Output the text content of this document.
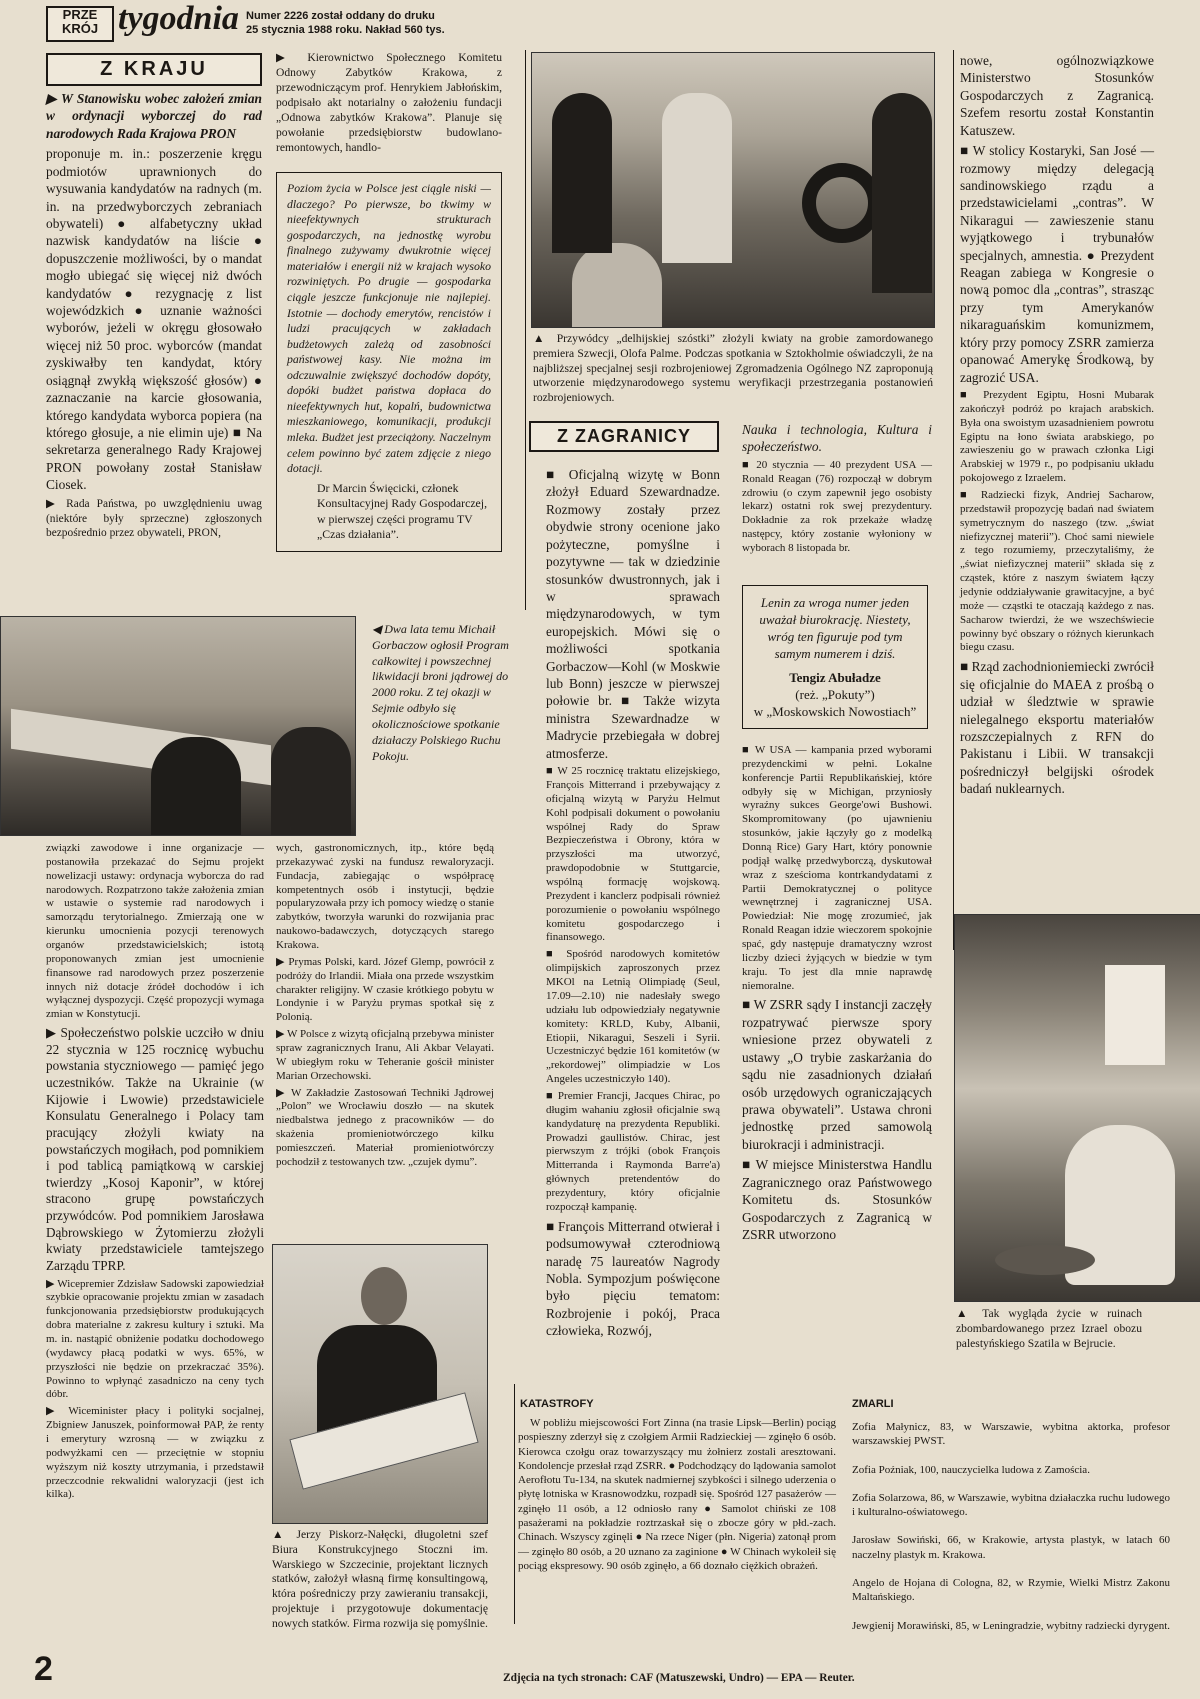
PRZE
KRÓJ tygodnia Numer 2226 został oddany do druku
25 stycznia 1988 roku. Nakład 560 tys.
Z KRAJU

▶ W Stanowisku wobec założeń zmian w ordynacji wyborczej do rad narodowych Rada Krajowa PRON

proponuje m. in.: poszerzenie kręgu podmiotów uprawnionych do wysuwania kandydatów na radnych (m. in. na przedwyborczych zebraniach obywateli) ● alfabetyczny układ nazwisk kandydatów na liście ● dopuszczenie możliwości, by o mandat mogło ubiegać się więcej niż dwóch kandydatów ● rezygnację z list wojewódzkich ● uznanie ważności wyborów, jeżeli w okręgu głosowało więcej niż 50 proc. wyborców (mandat zyskiwałby ten kandydat, który osiągnął zwykłą większość głosów) ● zaznaczanie na karcie głosowania, którego kandydata wyborca popiera (na którego głosuje, a nie elimin uje) ■ Na sekretarza generalnego Rady Krajowej PRON powołany został Stanisław Ciosek.

▶ Rada Państwa, po uwzględnieniu uwag (niektóre były sprzeczne) zgłoszonych bezpośrednio przez obywateli, PRON,

▶ Kierownictwo Społecznego Komitetu Odnowy Zabytków Krakowa, z przewodniczącym prof. Henrykiem Jabłońskim, podpisało akt notarialny o założeniu fundacji „Odnowa zabytków Krakowa”. Planuje się powołanie przedsiębiorstw budowlano-remontowych, handlo-
Poziom życia w Polsce jest ciągle niski — dlaczego? Po pierwsze, bo tkwimy w nieefektywnych strukturach gospodarczych, na jednostkę wyrobu finalnego zużywamy dwukrotnie więcej materiałów i energii niż w krajach wysoko rozwiniętych. Po drugie — gospodarka ciągle jeszcze funkcjonuje nie najlepiej. Istotnie — dochody emerytów, rencistów i ludzi pracujących w zakładach budżetowych zależą od zasobności państwowej kasy. Nie można im odczuwalnie zwiększyć dochodów dopóty, dopóki budżet państwa dopłaca do nieefektywnych hut, kopalń, budownictwa mieszkaniowego, komunikacji, produkcji mleka. Budżet jest przeciążony. Naczelnym celem powinno być zatem zdjęcie z niego dotacji.
Dr Marcin Święcicki, członek Konsultacyjnej Rady Gospodarczej, w pierwszej części programu TV „Czas działania”.
◀ Dwa lata temu Michaił Gorbaczow ogłosił Program całkowitej i powszechnej likwidacji broni jądrowej do 2000 roku. Z tej okazji w Sejmie odbyło się okolicznościowe spotkanie działaczy Polskiego Ruchu Pokoju.

związki zawodowe i inne organizacje — postanowiła przekazać do Sejmu projekt nowelizacji ustawy: ordynacja wyborcza do rad narodowych. Rozpatrzono także założenia zmian w ustawie o systemie rad narodowych i samorządu terytorialnego. Zmierzają one w kierunku umocnienia pozycji terenowych organów przedstawicielskich; istotą proponowanych zmian jest umocnienie finansowe rad narodowych przez poszerzenie innych niż dotacje źródeł dochodów i ich wyłącznej dyspozycji. Część propozycji wymaga zmian w Konstytucji.

▶ Społeczeństwo polskie uczciło w dniu 22 stycznia w 125 rocznicę wybuchu powstania styczniowego — pamięć jego uczestników. Także na Ukrainie (w Kijowie i Lwowie) przedstawiciele Konsulatu Generalnego i Polacy tam pracujący złożyli kwiaty na powstańczych mogiłach, pod pomnikiem i pod tablicą pamiątkową w carskiej twierdzy „Kosoj Kaponir”, w której stracono grupę powstańczych przywódców. Pod pomnikiem Jarosława Dąbrowskiego w Żytomierzu złożyli kwiaty przedstawiciele tamtejszego Zarządu TPRP.

▶ Wicepremier Zdzisław Sadowski zapowiedział szybkie opracowanie projektu zmian w zasadach funkcjonowania przedsiębiorstw produkujących dobra materialne z zakresu kultury i sztuki. Ma m. in. nastąpić obniżenie podatku dochodowego (wydawcy płacą podatki w wys. 65%, w przyszłości nie będzie on przekraczać 35%). Powinno to wpłynąć zasadniczo na ceny tych dóbr.

▶ Wiceminister płacy i polityki socjalnej, Zbigniew Januszek, poinformował PAP, że renty i emerytury wzrosną — w związku z podwyżkami cen — przeciętnie w stopniu wyższym niż koszty utrzymania, i przedstawił przeczcodnie rekwalidni waloryzacji (jest ich kilka).

wych, gastronomicznych, itp., które będą przekazywać zyski na fundusz rewaloryzacji. Fundacja, zabiegając o współpracę kompetentnych osób i instytucji, będzie popularyzowała przy ich pomocy wiedzę o stanie zabytków, tworzyła warunki do rozwijania prac naukowo-badawczych, dotyczących starego Krakowa.

▶ Prymas Polski, kard. Józef Glemp, powrócił z podróży do Irlandii. Miała ona przede wszystkim charakter religijny. W czasie krótkiego pobytu w Londynie i w Paryżu prymas spotkał się z Polonią.

▶ W Polsce z wizytą oficjalną przebywa minister spraw zagranicznych Iranu, Ali Akbar Velayati. W ubiegłym roku w Teheranie gościł minister Marian Orzechowski.

▶ W Zakładzie Zastosowań Techniki Jądrowej „Polon” we Wrocławiu doszło — na skutek niedbalstwa jednego z pracowników — do skażenia promieniotwórczego kilku pomieszczeń. Materiał promieniotwórczy pochodził z testowanych tzw. „czujek dymu”.

▲ Jerzy Piskorz-Nałęcki, długoletni szef Biura Konstrukcyjnego Stoczni im. Warskiego w Szczecinie, projektant licznych statków, założył własną firmę konsultingową, która pośredniczy przy zawieraniu transakcji, projektuje i przygotowuje dokumentację nowych statków. Firma rozwija się pomyślnie.
▲ Przywódcy „delhijskiej szóstki” złożyli kwiaty na grobie zamordowanego premiera Szwecji, Olofa Palme. Podczas spotkania w Sztokholmie oświadczyli, że na najbliższej specjalnej sesji rozbrojeniowej Zgromadzenia Ogólnego NZ zaproponują utworzenie międzynarodowego systemu weryfikacji przestrzegania postanowień rozbrojeniowych.
Z ZAGRANICY

■ Oficjalną wizytę w Bonn złożył Eduard Szewardnadze. Rozmowy zostały przez obydwie strony ocenione jako pożyteczne, pomyślne i pozytywne — tak w dziedzinie stosunków dwustronnych, jak i w sprawach międzynarodowych, w tym europejskich. Mówi się o możliwości spotkania Gorbaczow—Kohl (w Moskwie lub Bonn) jeszcze w pierwszej połowie br. ■ Także wizyta ministra Szewardnadze w Madrycie przebiegała w dobrej atmosferze.

■ W 25 rocznicę traktatu elizejskiego, François Mitterrand i przebywający z oficjalną wizytą w Paryżu Helmut Kohl podpisali dokument o powołaniu wspólnej Rady do Spraw Bezpieczeństwa i Obrony, która w przyszłości ma utworzyć, prawdopodobnie w Stuttgarcie, wspólną formację wojskową. Prezydent i kanclerz podpisali również porozumienie o powołaniu wspólnego komitetu gospodarczego i finansowego.

■ Spośród narodowych komitetów olimpijskich zaproszonych przez MKOl na Letnią Olimpiadę (Seul, 17.09—2.10) nie nadesłały swego udziału lub odpowiedziały negatywnie komitety: KRLD, Kuby, Albanii, Etiopii, Nikaragui, Seszeli i Syrii. Uczestniczyć będzie 161 komitetów (w „rekordowej” olimpiadzie w Los Angeles uczestniczyło 140).

■ Premier Francji, Jacques Chirac, po długim wahaniu zgłosił oficjalnie swą kandydaturę na prezydenta Republiki. Prowadzi gaullistów. Chirac, jest pierwszym z trójki (obok François Mitterranda i Raymonda Barre'a) głównych pretendentów do prezydentury, który oficjalnie rozpoczął kampanię.

■ François Mitterrand otwierał i podsumowywał czterodniową naradę 75 laureatów Nagrody Nobla. Sympozjum poświęcone było pięciu tematom: Rozbrojenie i pokój, Praca człowieka, Rozwój,

Nauka i technologia, Kultura i społeczeństwo.

■ 20 stycznia — 40 prezydent USA — Ronald Reagan (76) rozpoczął w dobrym zdrowiu (o czym zapewnił jego osobisty lekarz) ostatni rok swej prezydentury. Dokładnie za rok przekaże władzę następcy, który zostanie wyłoniony w wyborach 8 listopada br.

Lenin za wroga numer jeden uważał biurokrację. Niestety, wróg ten figuruje pod tym samym numerem i dziś.
Tengiz Abuładze
(reż. „Pokuty”)
w „Moskowskich Nowostiach”

■ W USA — kampania przed wyborami prezydenckimi w pełni. Lokalne konferencje Partii Republikańskiej, które odbyły się w Michigan, przyniosły wyraźny sukces George'owi Bushowi. Skompromitowany (po ujawnieniu stosunków, jakie łączyły go z modelką Donną Rice) Gary Hart, który ponownie podjął walkę przedwyborczą, dyskutował wraz z sześcioma kontrkandydatami z Partii Demokratycznej o polityce wewnętrznej i zagranicznej USA. Powiedział: Nie mogę zrozumieć, jak Ronald Reagan idzie wieczorem spokojnie spać, gdy następuje dramatyczny wzrost liczby dzieci żyjących w biedzie w tym kraju. To jest dla mnie naprawdę niemoralne.

■ W ZSRR sądy I instancji zaczęły rozpatrywać pierwsze spory wniesione przez obywateli z ustawy „O trybie zaskarżania do sądu nie zasadnionych działań osób urzędowych ograniczających prawa obywateli”. Ustawa chroni jednostkę przed samowolą biurokracji i administracji.

■ W miejsce Ministerstwa Handlu Zagranicznego oraz Państwowego Komitetu ds. Stosunków Gospodarczych z Zagranicą w ZSRR utworzono

nowe, ogólnozwiązkowe Ministerstwo Stosunków Gospodarczych z Zagranicą. Szefem resortu został Konstantin Katuszew.

■ W stolicy Kostaryki, San José — rozmowy między delegacją sandinowskiego rządu a przedstawicielami „contras”. W Nikaragui — zawieszenie stanu wyjątkowego i trybunałów specjalnych, amnestia. ● Prezydent Reagan zabiega w Kongresie o nową pomoc dla „contras”, strasząc przy tym Amerykanów nikaraguańskim komunizmem, który przy pomocy ZSRR zamierza opanować Amerykę Środkową, by zagrozić USA.

■ Prezydent Egiptu, Hosni Mubarak zakończył podróż po krajach arabskich. Była ona swoistym uzasadnieniem powrotu Egiptu na łono świata arabskiego, po zawieszeniu go w prawach członka Ligi Arabskiej w 1979 r., po podpisaniu układu pokojowego z Izraelem.

■ Radziecki fizyk, Andriej Sacharow, przedstawił propozycję badań nad światem symetrycznym do naszego (tzw. „świat niefizycznej materii”). Choć sami niewiele z tego rozumiemy, przeczytaliśmy, że „świat niefizycznej materii” składa się z cząstek, które z naszym światem łączy jedynie oddziaływanie grawitacyjne, a być może — cząstki te otaczają każdego z nas. Sacharow twierdzi, że we wszechświecie powinny być obszary o różnych kierunkach biegu czasu.

■ Rząd zachodnioniemiecki zwrócił się oficjalnie do MAEA z prośbą o udział w śledztwie w sprawie nielegalnego eksportu materiałów rozszczepialnych z RFN do Pakistanu i Libii. W transakcji pośredniczył belgijski ośrodek badań nuklearnych.

▲ Tak wygląda życie w ruinach zbombardowanego przez Izrael obozu palestyńskiego Szatila w Bejrucie.
KATASTROFY
W pobliżu miejscowości Fort Zinna (na trasie Lipsk—Berlin) pociąg pospieszny zderzył się z czołgiem Armii Radzieckiej — zginęło 6 osób. Kierowca czołgu oraz towarzyszący mu żołnierz zostali aresztowani. Kondolencje przesłał rząd ZSRR. ● Podchodzący do lądowania samolot Aerofłotu Tu-134, na skutek nadmiernej szybkości i silnego uderzenia o płytę lotniska w Krasnowodzku, rozpadł się. Spośród 127 pasażerów — zginęło 11 osób, a 12 odniosło rany ● Samolot chiński ze 108 pasażerami na pokładzie roztrzaskał się o zbocze góry w płd.-zach. Chinach. Wszyscy zginęli ● Na rzece Niger (płn. Nigeria) zatonął prom — zginęło 80 osób, a 20 uznano za zaginione ● W Chinach wykoleił się pociąg ekspresowy. 90 osób zginęło, a 66 doznało ciężkich obrażeń.
ZMARLI
Zofia Małynicz, 83, w Warszawie, wybitna aktorka, profesor warszawskiej PWST.
Zofia Poźniak, 100, nauczycielka ludowa z Zamościa.
Zofia Solarzowa, 86, w Warszawie, wybitna działaczka ruchu ludowego i kulturalno-oświatowego.
Jarosław Sowiński, 66, w Krakowie, artysta plastyk, w latach 60 naczelny plastyk m. Krakowa.
Angelo de Hojana di Cologna, 82, w Rzymie, Wielki Mistrz Zakonu Maltańskiego.
Jewgienij Morawiński, 85, w Leningradzie, wybitny radziecki dyrygent.
2	Zdjęcia na tych stronach: CAF (Matuszewski, Undro) — EPA — Reuter.
